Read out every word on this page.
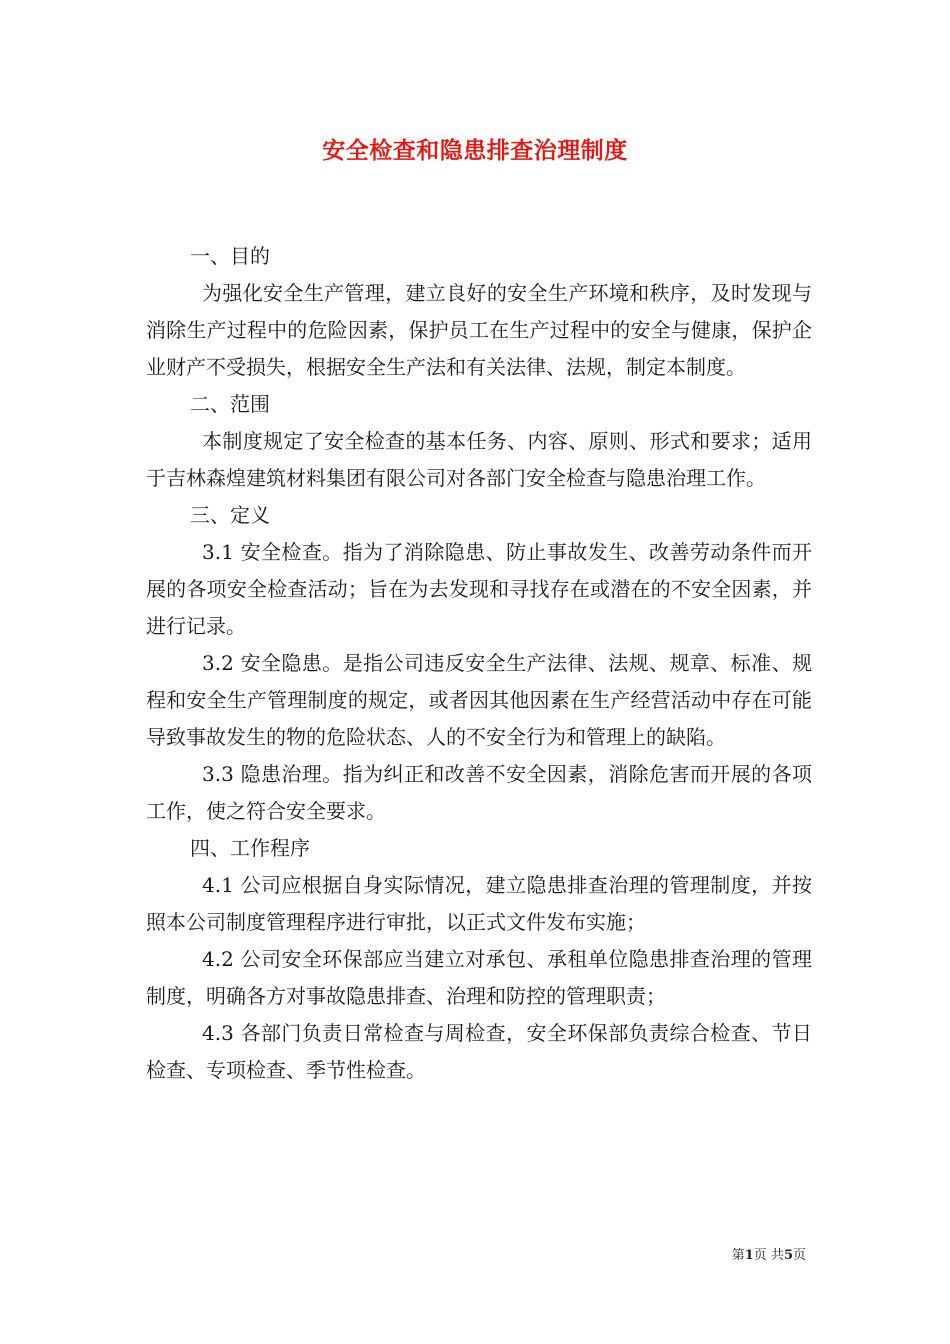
安全检查和隐患排查治理制度

一、目的

为强化安全生产管理，建立良好的安全生产环境和秩序，及时发现与消除生产过程中的危险因素，保护员工在生产过程中的安全与健康，保护企业财产不受损失，根据安全生产法和有关法律、法规，制定本制度。

二、范围

本制度规定了安全检查的基本任务、内容、原则、形式和要求；适用于吉林森煌建筑材料集团有限公司对各部门安全检查与隐患治理工作。

三、定义

3.1 安全检查。指为了消除隐患、防止事故发生、改善劳动条件而开展的各项安全检查活动；旨在为去发现和寻找存在或潜在的不安全因素，并进行记录。

3.2 安全隐患。是指公司违反安全生产法律、法规、规章、标准、规程和安全生产管理制度的规定，或者因其他因素在生产经营活动中存在可能导致事故发生的物的危险状态、人的不安全行为和管理上的缺陷。

3.3 隐患治理。指为纠正和改善不安全因素，消除危害而开展的各项工作，使之符合安全要求。

四、工作程序

4.1 公司应根据自身实际情况，建立隐患排查治理的管理制度，并按照本公司制度管理程序进行审批，以正式文件发布实施；

4.2 公司安全环保部应当建立对承包、承租单位隐患排查治理的管理制度，明确各方对事故隐患排查、治理和防控的管理职责；

4.3 各部门负责日常检查与周检查，安全环保部负责综合检查、节日检查、专项检查、季节性检查。

第1页 共5页
